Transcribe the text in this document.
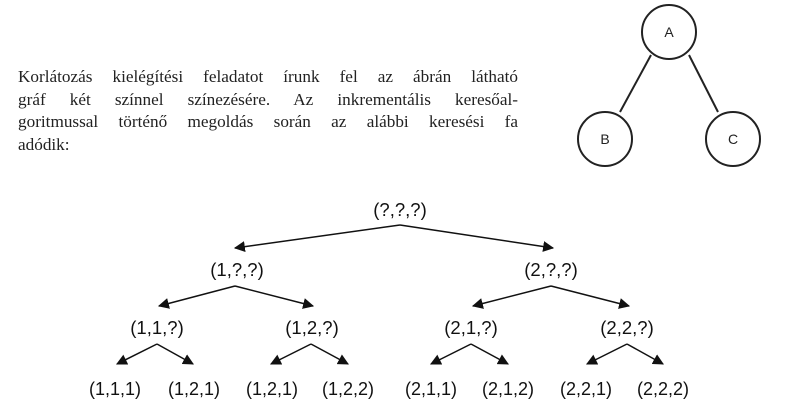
Korlátozás kielégítési feladatot írunk fel az ábrán látható
gráf két színnel színezésére. Az inkrementális keresőal-
goritmussal történő megoldás során az alábbi keresési fa
adódik:
A
B	C
(?,?,?)
(1,?,?)	(2,?,?)
(1,1,?)	(1,2,?)	(2,1,?)	(2,2,?)
(1,1,1) (1,2,1) (1,2,1) (1,2,2) (2,1,1) (2,1,2) (2,2,1) (2,2,2)
